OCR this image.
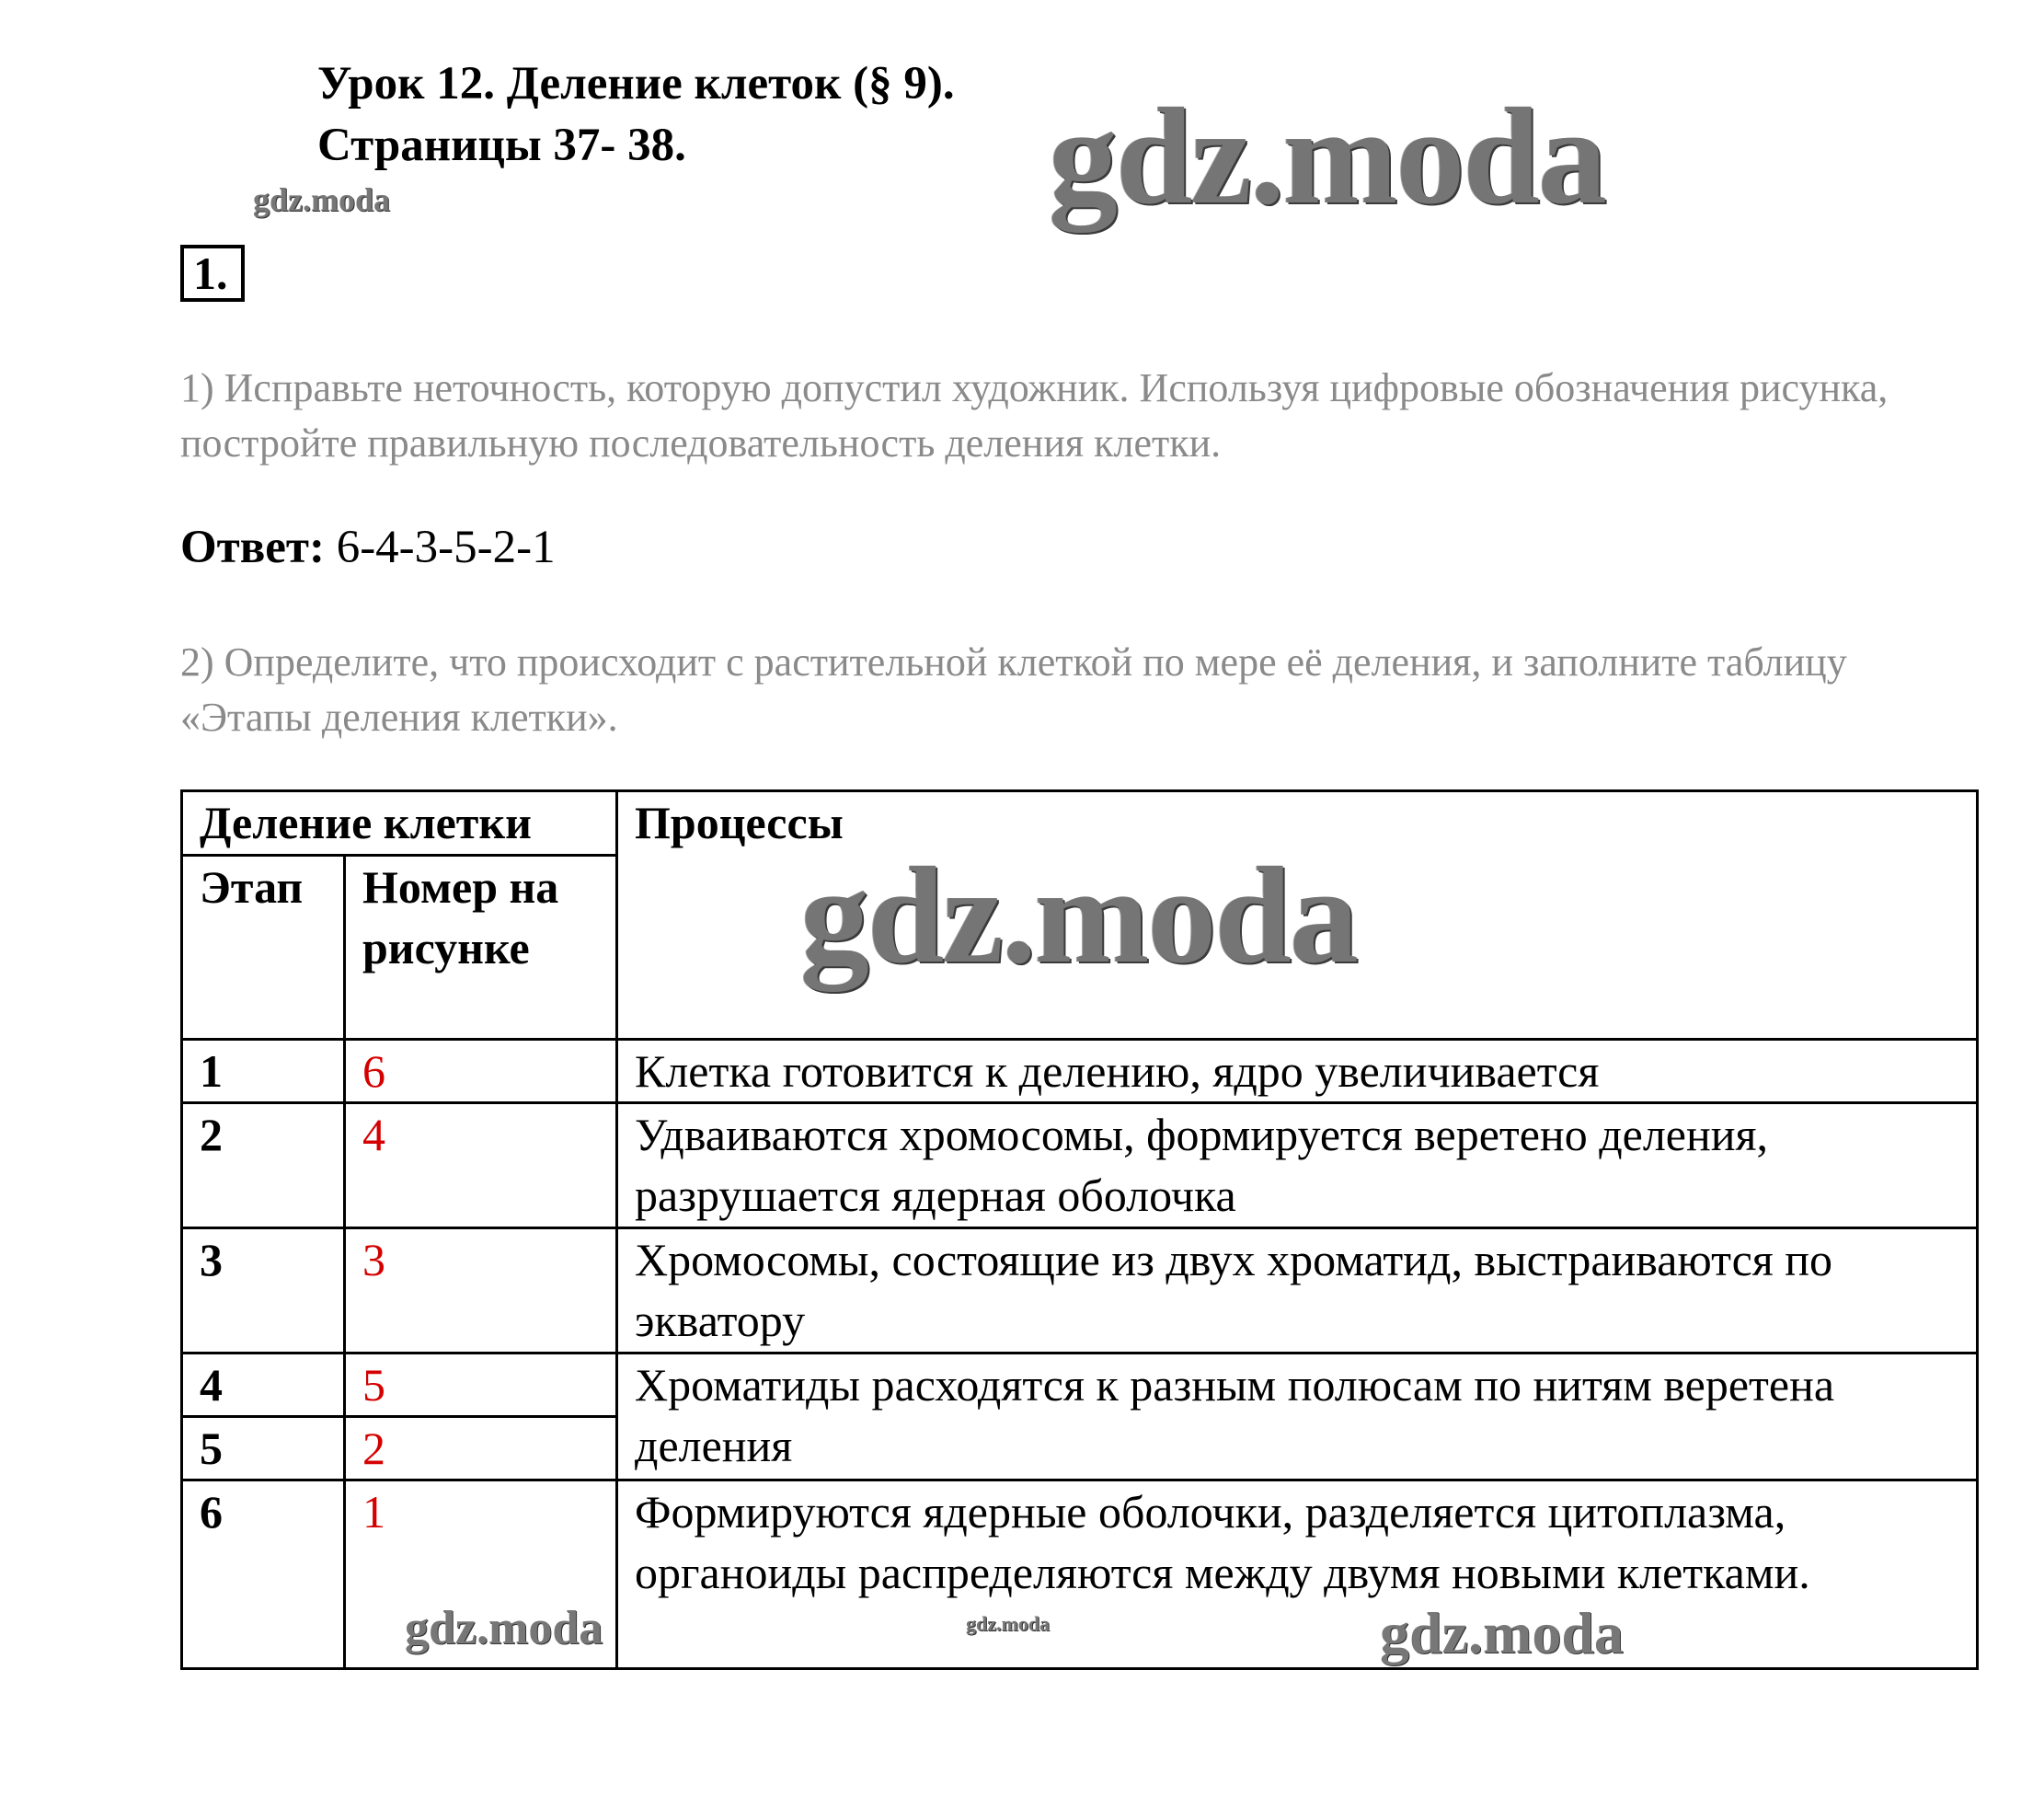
Урок 12. Деление клеток (§ 9).
Страницы 37- 38.	gdz.moda
gdz.moda
1.
1) Исправьте неточность, которую допустил художник. Используя цифровые обозначения рисунка, постройте правильную последовательность деления клетки.
Ответ: 6-4-3-5-2-1
2) Определите, что происходит с растительной клеткой по мере её деления, и заполните таблицу «Этапы деления клетки».
Деление клетки		Процессы
Этап	Номер на рисунке	
1	6	Клетка готовится к делению, ядро увеличивается
2	4	Удваиваются хромосомы, формируется веретено деления, разрушается ядерная оболочка
3	3	Хромосомы, состоящие из двух хроматид, выстраиваются по экватору
4	5	Хроматиды расходятся к разным полюсам по нитям веретена деления
5	2	
6	1	Формируются ядерные оболочки, разделяется цитоплазма, органоиды распределяются между двумя новыми клетками.
gdz.moda
gdz.moda	gdz.moda	gdz.moda
